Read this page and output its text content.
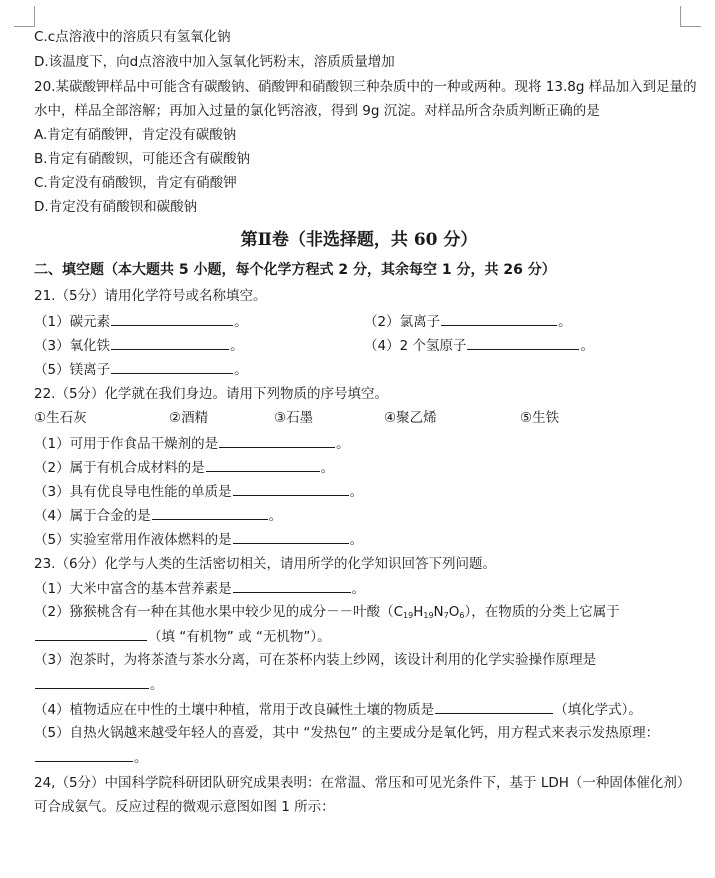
C.c点溶液中的溶质只有氢氧化钠
D.该温度下，向d点溶液中加入氢氧化钙粉末，溶质质量增加
20.某碳酸钾样品中可能含有碳酸钠、硝酸钾和硝酸钡三种杂质中的一种或两种。现将 13.8g 样品加入到足量的
水中，样品全部溶解；再加入过量的氯化钙溶液，得到 9g 沉淀。对样品所含杂质判断正确的是
A.肯定有硝酸钾，肯定没有碳酸钠
B.肯定有硝酸钡，可能还含有碳酸钠
C.肯定没有硝酸钡，肯定有硝酸钾
D.肯定没有硝酸钡和碳酸钠
第Ⅱ卷（非选择题，共 60 分）
二、填空题（本大题共 5 小题，每个化学方程式 2 分，其余每空 1 分，共 26 分）
21.（5分）请用化学符号或名称填空。
（1）碳元素	。	（2）氯离子	。
（3）氧化铁	。	（4）2 个氢原子	。
（5）镁离子	。
22.（5分）化学就在我们身边。请用下列物质的序号填空。
①生石灰	②酒精	③石墨	④聚乙烯	⑤生铁
（1）可用于作食品干燥剂的是	。
（2）属于有机合成材料的是	。
（3）具有优良导电性能的单质是	。
（4）属于合金的是	。
（5）实验室常用作液体燃料的是	。
23.（6分）化学与人类的生活密切相关，请用所学的化学知识回答下列问题。
（1）大米中富含的基本营养素是	。
（2）猕猴桃含有一种在其他水果中较少见的成分－－叶酸$(C_{19}H_{19}N_7O_6)$，在物质的分类上它属于
（填 “有机物” 或 “无机物”）。
（3）泡茶时，为将茶渣与茶水分离，可在茶杯内装上纱网，该设计利用的化学实验操作原理是
。
（4）植物适应在中性的土壤中种植，常用于改良碱性土壤的物质是	（填化学式）。
（5）自热火锅越来越受年轻人的喜爱，其中 “发热包” 的主要成分是氧化钙，用方程式来表示发热原理：
。
24,（5分）中国科学院科研团队研究成果表明：在常温、常压和可见光条件下，基于 LDH（一种固体催化剂）
可合成氨气。反应过程的微观示意图如图 1 所示：
